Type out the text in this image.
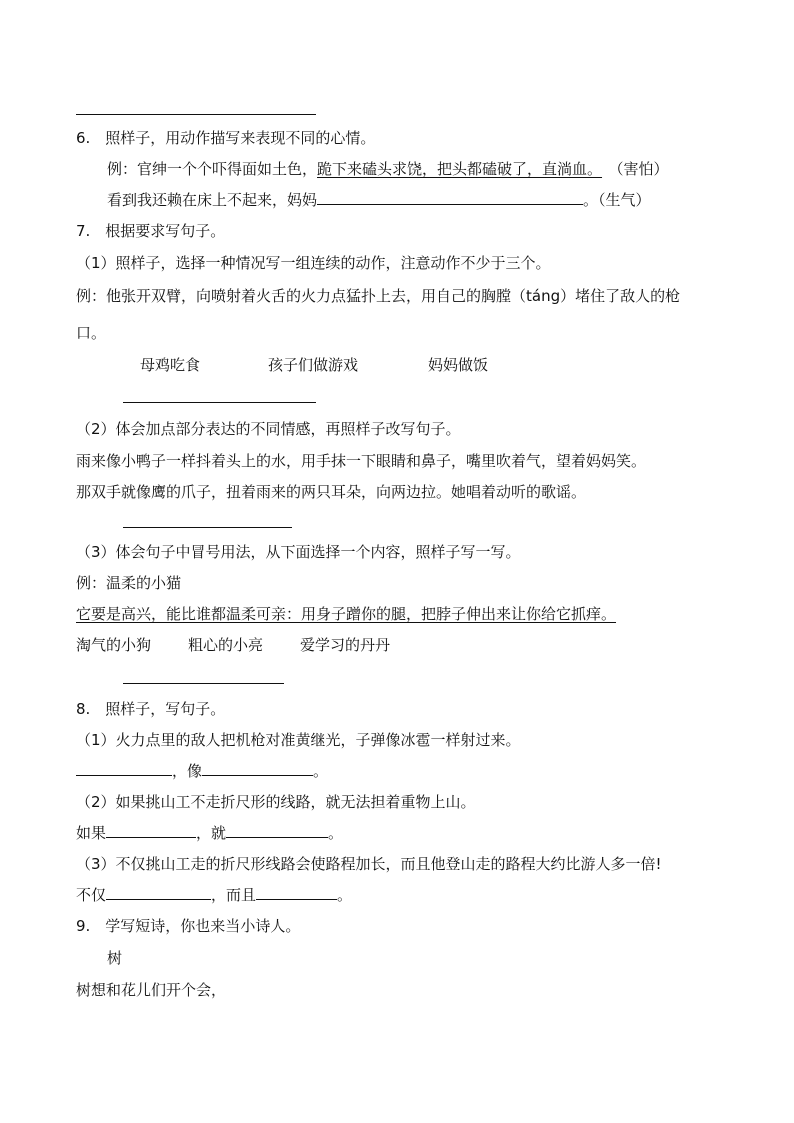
6.　照样子，用动作描写来表现不同的心情。
例：官绅一个个吓得面如土色，跪下来磕头求饶，把头都磕破了，直淌血。 （害怕）
看到我还赖在床上不起来，妈妈	。（生气）
7.　根据要求写句子。
（1）照样子，选择一种情况写一组连续的动作，注意动作不少于三个。
例：他张开双臂，向喷射着火舌的火力点猛扑上去，用自己的胸膛（táng）堵住了敌人的枪
口。
母鸡吃食	孩子们做游戏	妈妈做饭
（2）体会加点部分表达的不同情感，再照样子改写句子。
雨来像小鸭子一样抖着头上的水，用手抹一下眼睛和鼻子，嘴里吹着气，望着妈妈笑。
那双手就像鹰的爪子，扭着雨来的两只耳朵，向两边拉。她唱着动听的歌谣。
（3）体会句子中冒号用法，从下面选择一个内容，照样子写一写。
例：温柔的小猫
它要是高兴，能比谁都温柔可亲：用身子蹭你的腿，把脖子伸出来让你给它抓痒。
淘气的小狗 粗心的小亮 爱学习的丹丹
8.　照样子，写句子。
（1）火力点里的敌人把机枪对准黄继光，子弹像冰雹一样射过来。
，像	。
（2）如果挑山工不走折尺形的线路，就无法担着重物上山。
如果	，就	。
（3）不仅挑山工走的折尺形线路会使路程加长，而且他登山走的路程大约比游人多一倍!
不仅	，而且	。
9.　学写短诗，你也来当小诗人。
树
树想和花儿们开个会，
